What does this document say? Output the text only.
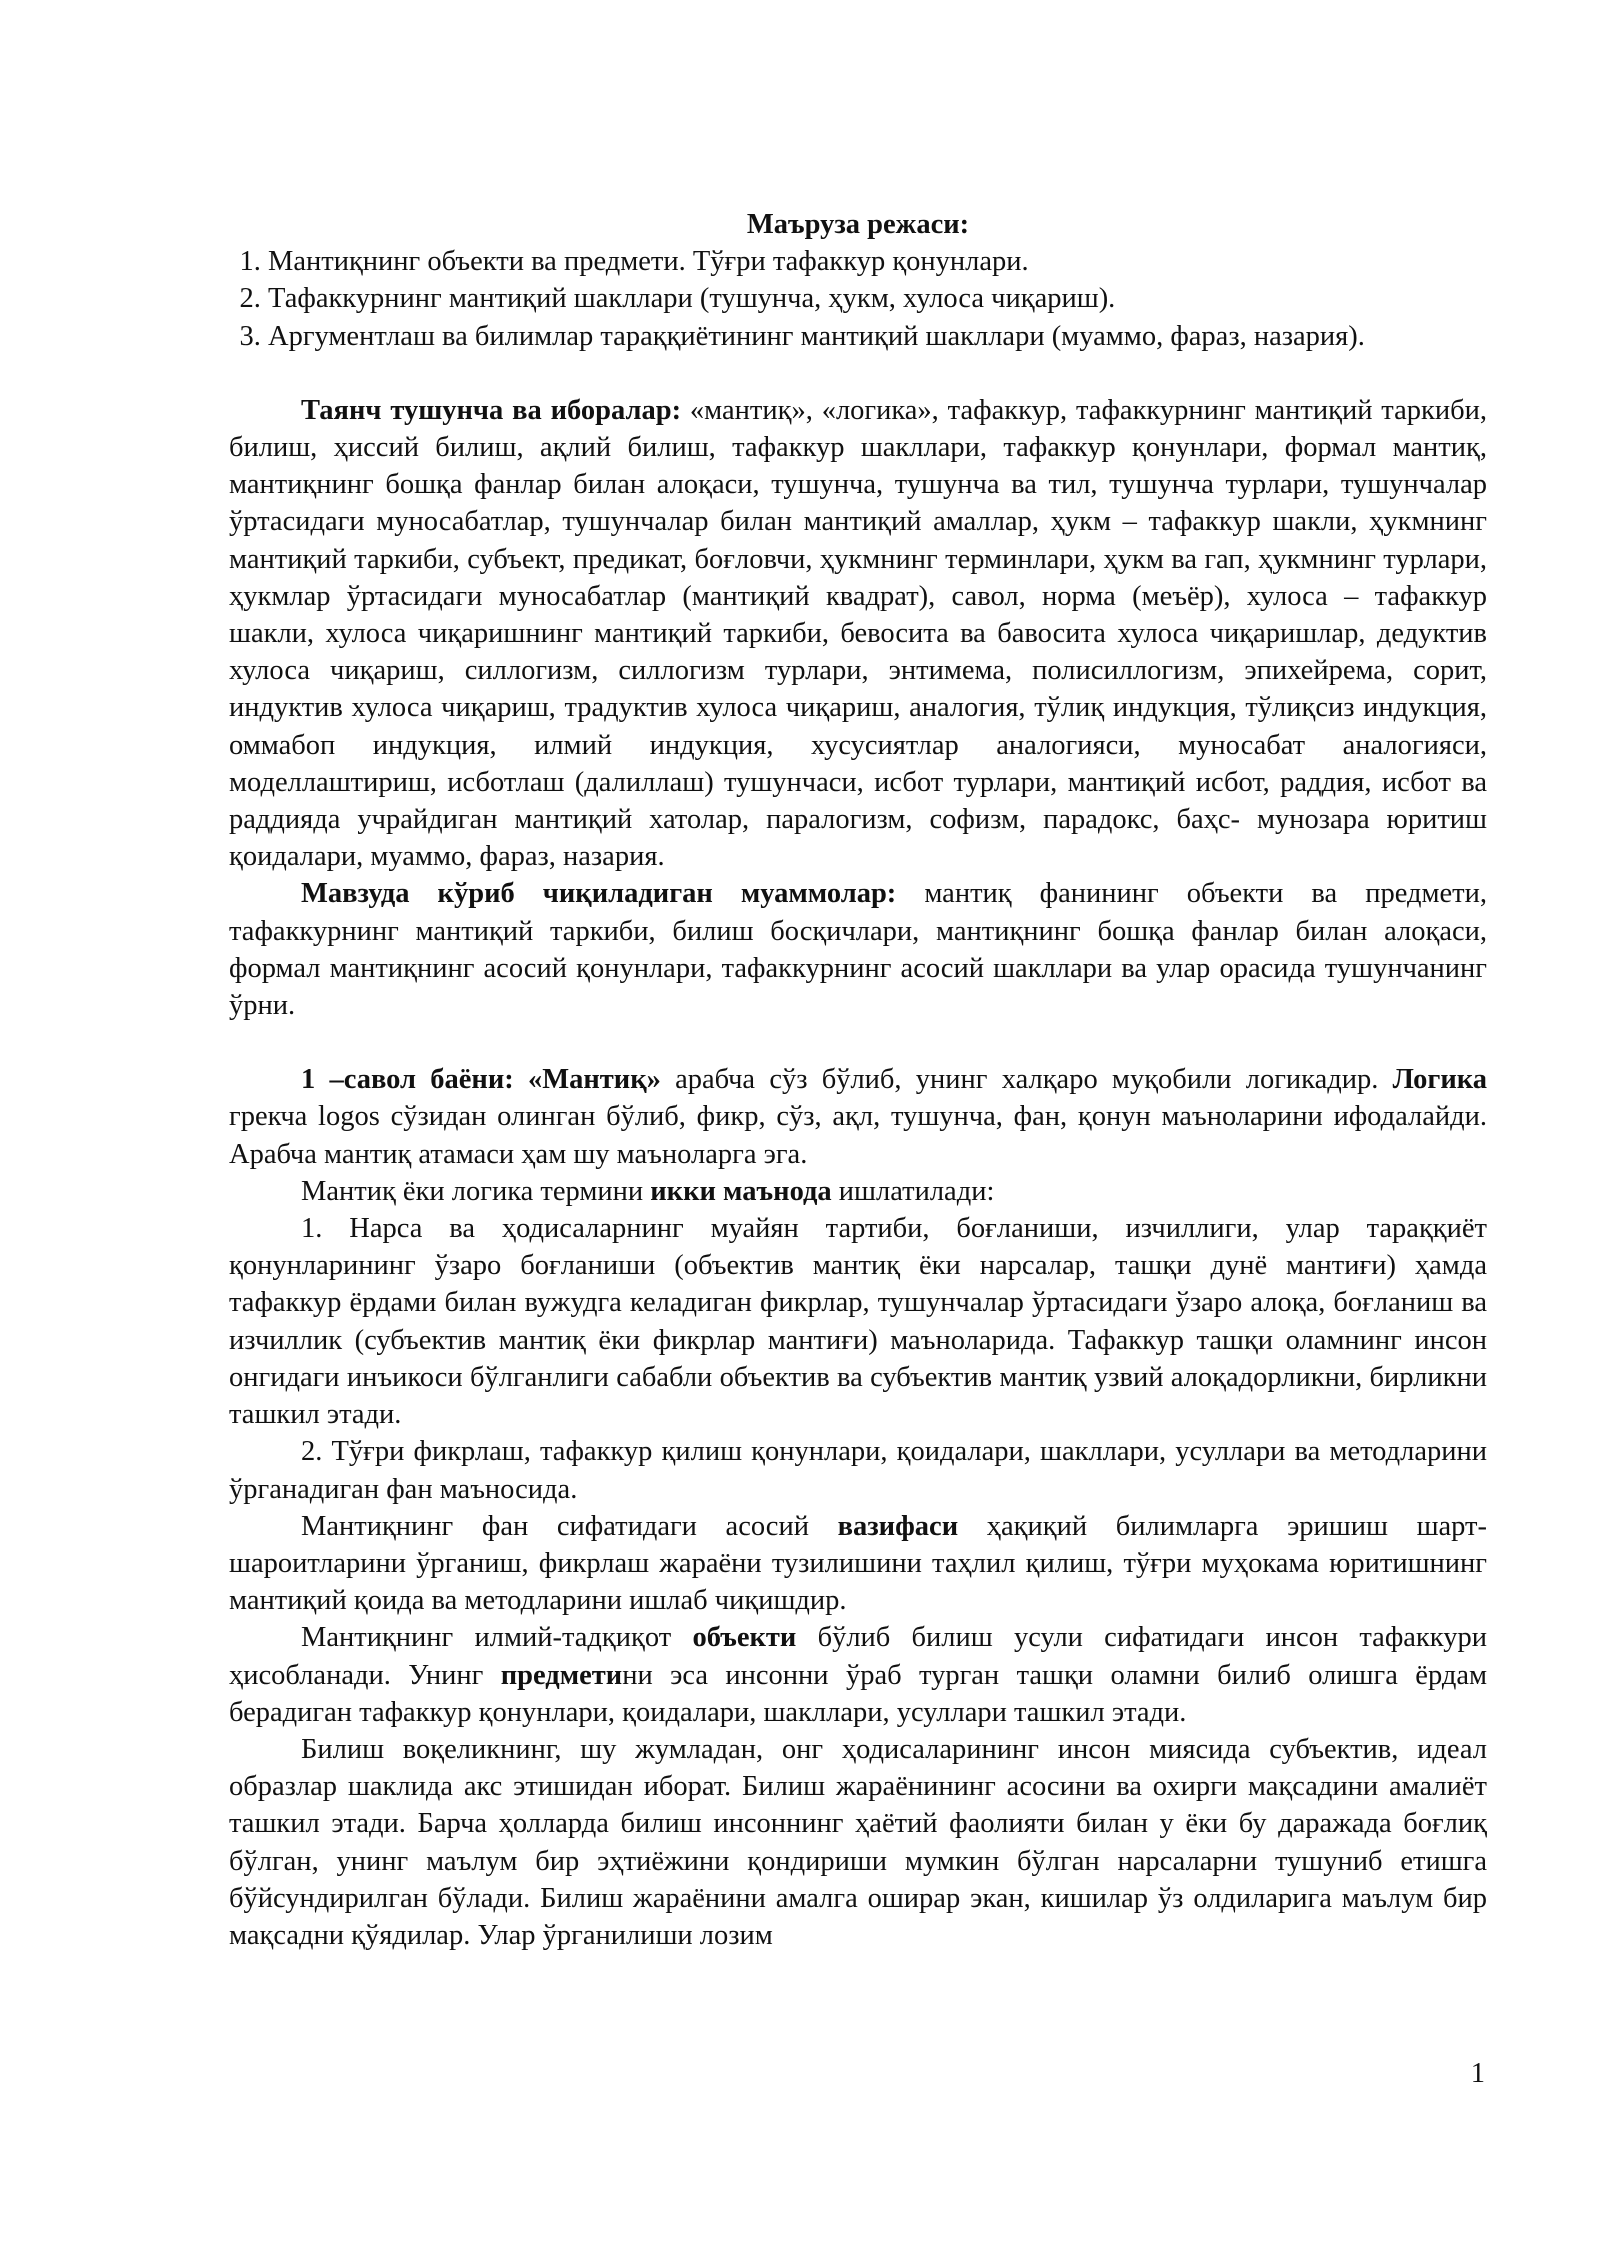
Маъруза режаси:
1. Мантиқнинг объекти ва предмети. Тўғри тафаккур қонунлари.
2. Тафаккурнинг мантиқий шакллари (тушунча, ҳукм, хулоса чиқариш).
3. Аргументлаш ва билимлар тараққиётининг мантиқий шакллари (муаммо, фараз, назария).

Таянч тушунча ва иборалар: «мантиқ», «логика», тафаккур, тафаккурнинг мантиқий таркиби, билиш, ҳиссий билиш, ақлий билиш, тафаккур шакллари, тафаккур қонунлари, формал мантиқ, мантиқнинг бошқа фанлар билан алоқаси, тушунча, тушунча ва тил, тушунча турлари, тушунчалар ўртасидаги муносабатлар, тушунчалар билан мантиқий амаллар, ҳукм – тафаккур шакли, ҳукмнинг мантиқий таркиби, субъект, предикат, боғловчи, ҳукмнинг терминлари, ҳукм ва гап, ҳукмнинг турлари, ҳукмлар ўртасидаги муносабатлар (мантиқий квадрат), савол, норма (меъёр), хулоса – тафаккур шакли, хулоса чиқаришнинг мантиқий таркиби, бевосита ва бавосита хулоса чиқаришлар, дедуктив хулоса чиқариш, силлогизм, силлогизм турлари, энтимема, полисиллогизм, эпихейрема, сорит, индуктив хулоса чиқариш, традуктив хулоса чиқариш, аналогия, тўлиқ индукция, тўлиқсиз индукция, оммабоп индукция, илмий индукция, хусусиятлар аналогияси, муносабат аналогияси, моделлаштириш, исботлаш (далиллаш) тушунчаси, исбот турлари, мантиқий исбот, раддия, исбот ва раддияда учрайдиган мантиқий хатолар, паралогизм, софизм, парадокс, баҳс- мунозара юритиш қоидалари, муаммо, фараз, назария.

Мавзуда кўриб чиқиладиган муаммолар: мантиқ фанининг объекти ва предмети, тафаккурнинг мантиқий таркиби, билиш босқичлари, мантиқнинг бошқа фанлар билан алоқаси, формал мантиқнинг асосий қонунлари, тафаккурнинг асосий шакллари ва улар орасида тушунчанинг ўрни.

1 –савол баёни: «Мантиқ» арабча сўз бўлиб, унинг халқаро муқобили логикадир. Логика грекча logos сўзидан олинган бўлиб, фикр, сўз, ақл, тушунча, фан, қонун маъноларини ифодалайди. Арабча мантиқ атамаси ҳам шу маъноларга эга.

Мантиқ ёки логика термини икки маънода ишлатилади:

1. Нарса ва ҳодисаларнинг муайян тартиби, боғланиши, изчиллиги, улар тараққиёт қонунларининг ўзаро боғланиши (объектив мантиқ ёки нарсалар, ташқи дунё мантиғи) ҳамда тафаккур ёрдами билан вужудга келадиган фикрлар, тушунчалар ўртасидаги ўзаро алоқа, боғланиш ва изчиллик (субъектив мантиқ ёки фикрлар мантиғи) маъноларида. Тафаккур ташқи оламнинг инсон онгидаги инъикоси бўлганлиги сабабли объектив ва субъектив мантиқ узвий алоқадорликни, бирликни ташкил этади.

2. Тўғри фикрлаш, тафаккур қилиш қонунлари, қоидалари, шакллари, усуллари ва методларини ўрганадиган фан маъносида.

Мантиқнинг фан сифатидаги асосий вазифаси ҳақиқий билимларга эришиш шарт-шароитларини ўрганиш, фикрлаш жараёни тузилишини таҳлил қилиш, тўғри муҳокама юритишнинг мантиқий қоида ва методларини ишлаб чиқишдир.

Мантиқнинг илмий-тадқиқот объекти бўлиб билиш усули сифатидаги инсон тафаккури ҳисобланади. Унинг предметини эса инсонни ўраб турган ташқи оламни билиб олишга ёрдам берадиган тафаккур қонунлари, қоидалари, шакллари, усуллари ташкил этади.

Билиш воқеликнинг, шу жумладан, онг ҳодисаларининг инсон миясида субъектив, идеал образлар шаклида акс этишидан иборат. Билиш жараёнининг асосини ва охирги мақсадини амалиёт ташкил этади. Барча ҳолларда билиш инсоннинг ҳаётий фаолияти билан у ёки бу даражада боғлиқ бўлган, унинг маълум бир эҳтиёжини қондириши мумкин бўлган нарсаларни тушуниб етишга бўйсундирилган бўлади. Билиш жараёнини амалга оширар экан, кишилар ўз олдиларига маълум бир мақсадни қўядилар. Улар ўрганилиши лозим

1
